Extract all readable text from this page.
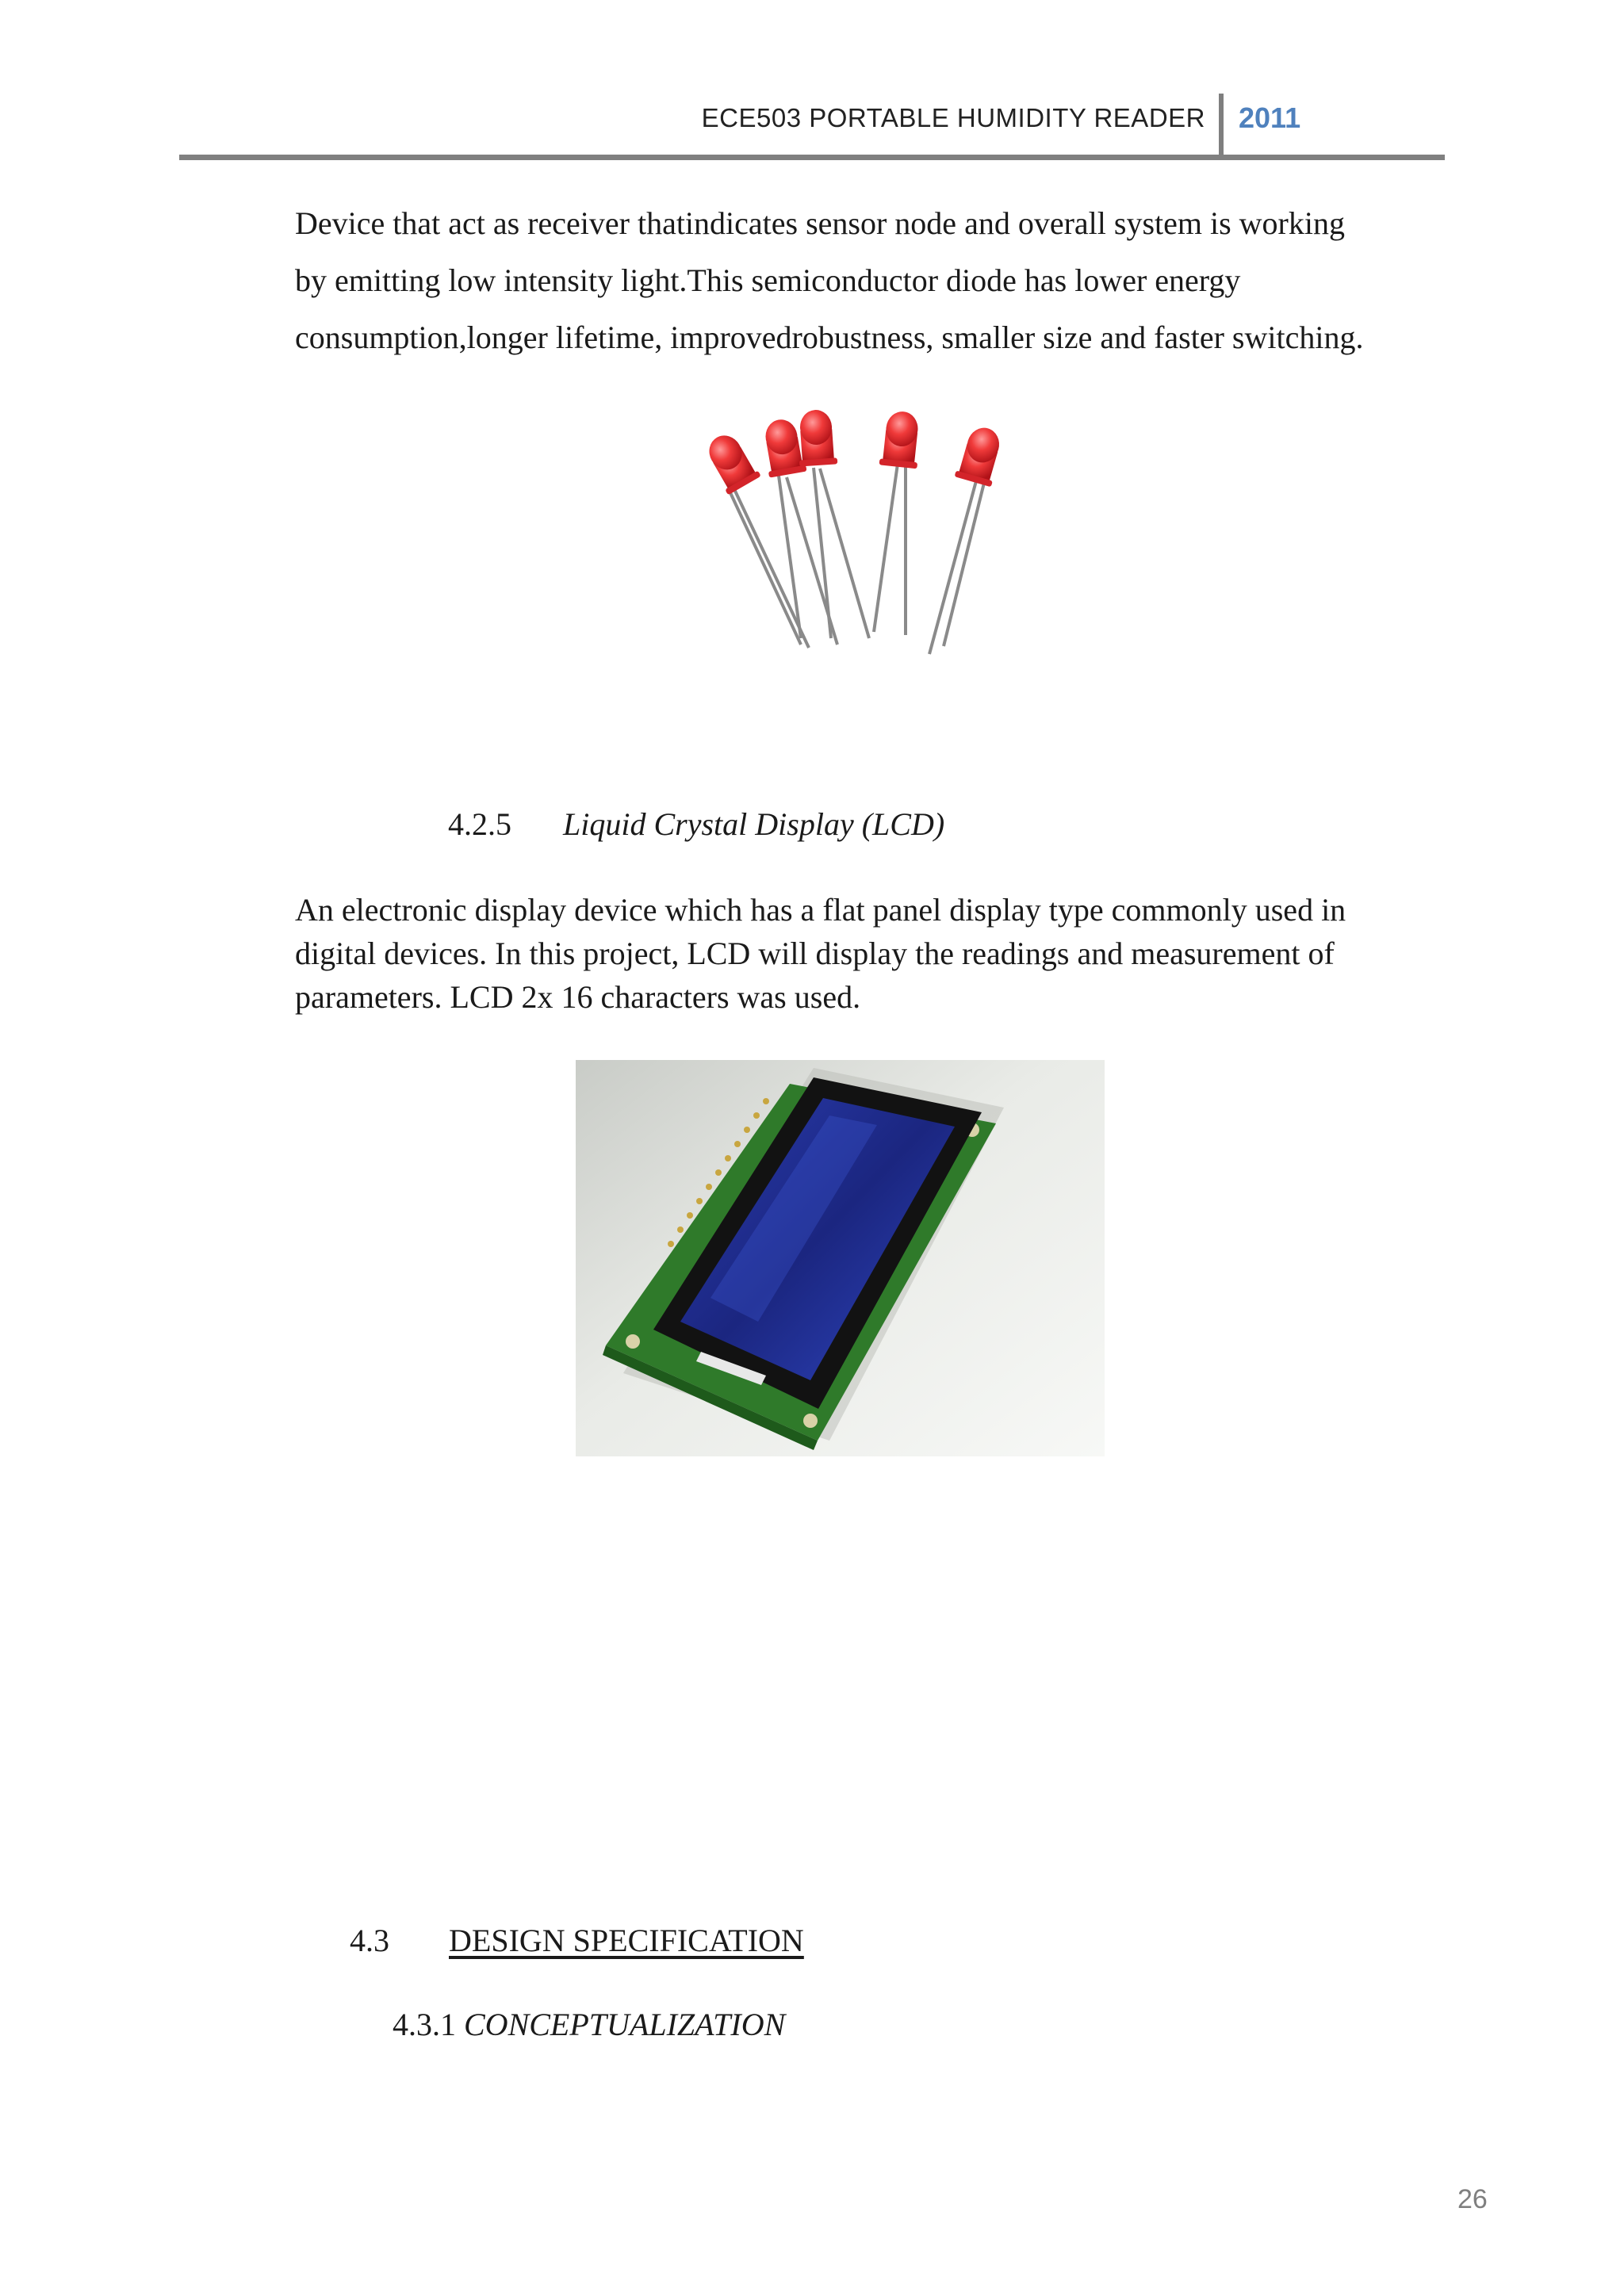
ECE503 PORTABLE HUMIDITY READER 2011

Device that act as receiver thatindicates sensor node and overall system is working
by emitting low intensity light.This semiconductor diode has lower energy
consumption,longer lifetime, improvedrobustness, smaller size and faster switching.

4.2.5 Liquid Crystal Display (LCD)

An electronic display device which has a flat panel display type commonly used in
digital devices. In this project, LCD will display the readings and measurement of
parameters. LCD 2x 16 characters was used.

4.3 DESIGN SPECIFICATION
4.3.1 CONCEPTUALIZATION
26
